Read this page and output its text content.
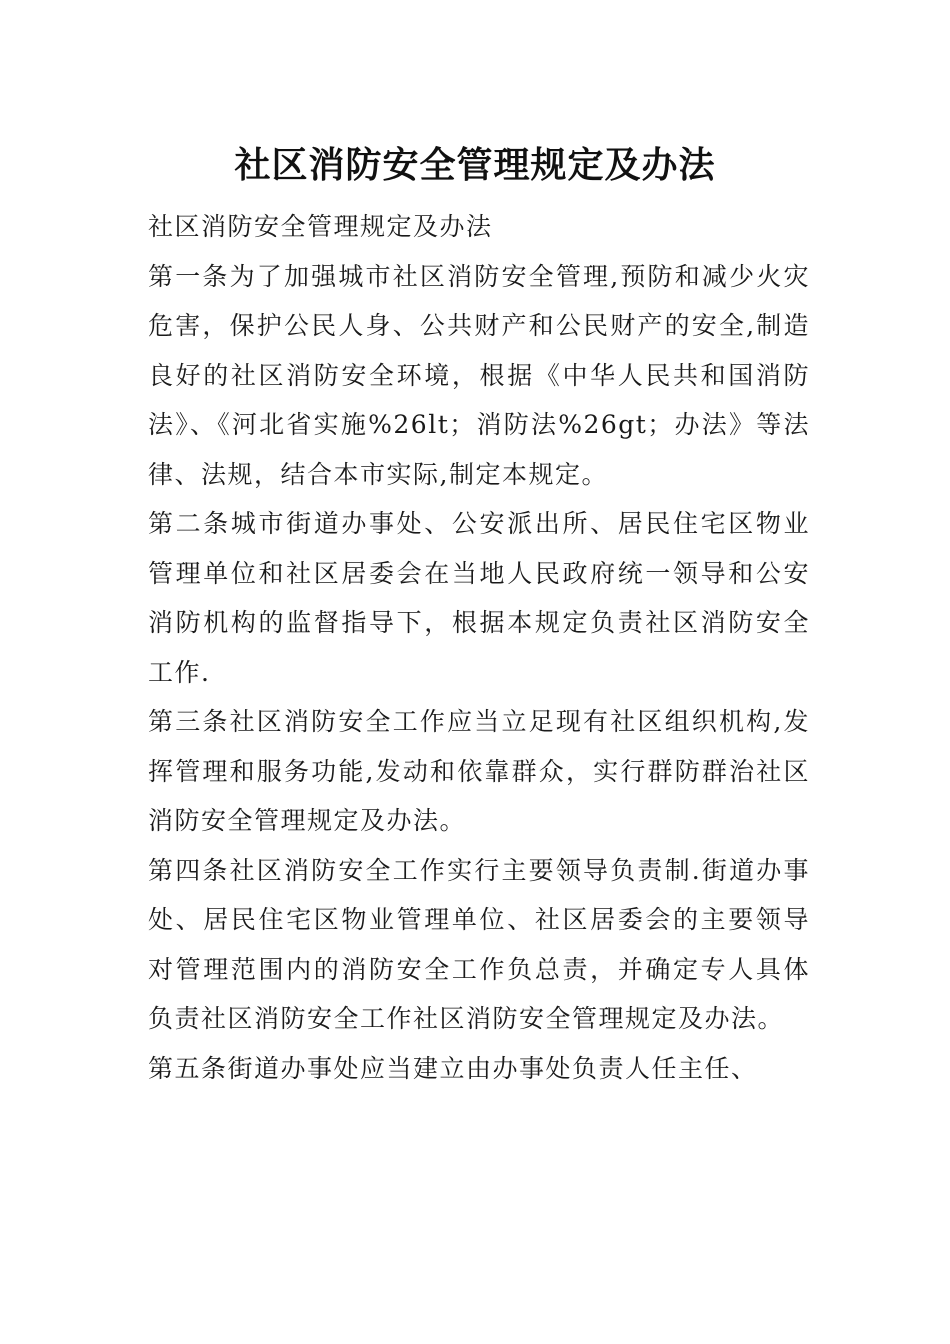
社区消防安全管理规定及办法

社区消防安全管理规定及办法

第一条为了加强城市社区消防安全管理,预防和减少火灾危害，保护公民人身、公共财产和公民财产的安全,制造良好的社区消防安全环境，根据《中华人民共和国消防法》、《河北省实施%26lt；消防法%26gt；办法》等法律、法规，结合本市实际,制定本规定。

第二条城市街道办事处、公安派出所、居民住宅区物业管理单位和社区居委会在当地人民政府统一领导和公安消防机构的监督指导下，根据本规定负责社区消防安全工作.

第三条社区消防安全工作应当立足现有社区组织机构,发挥管理和服务功能,发动和依靠群众，实行群防群治社区消防安全管理规定及办法。

第四条社区消防安全工作实行主要领导负责制.街道办事处、居民住宅区物业管理单位、社区居委会的主要领导对管理范围内的消防安全工作负总责，并确定专人具体负责社区消防安全工作社区消防安全管理规定及办法。

第五条街道办事处应当建立由办事处负责人任主任、
